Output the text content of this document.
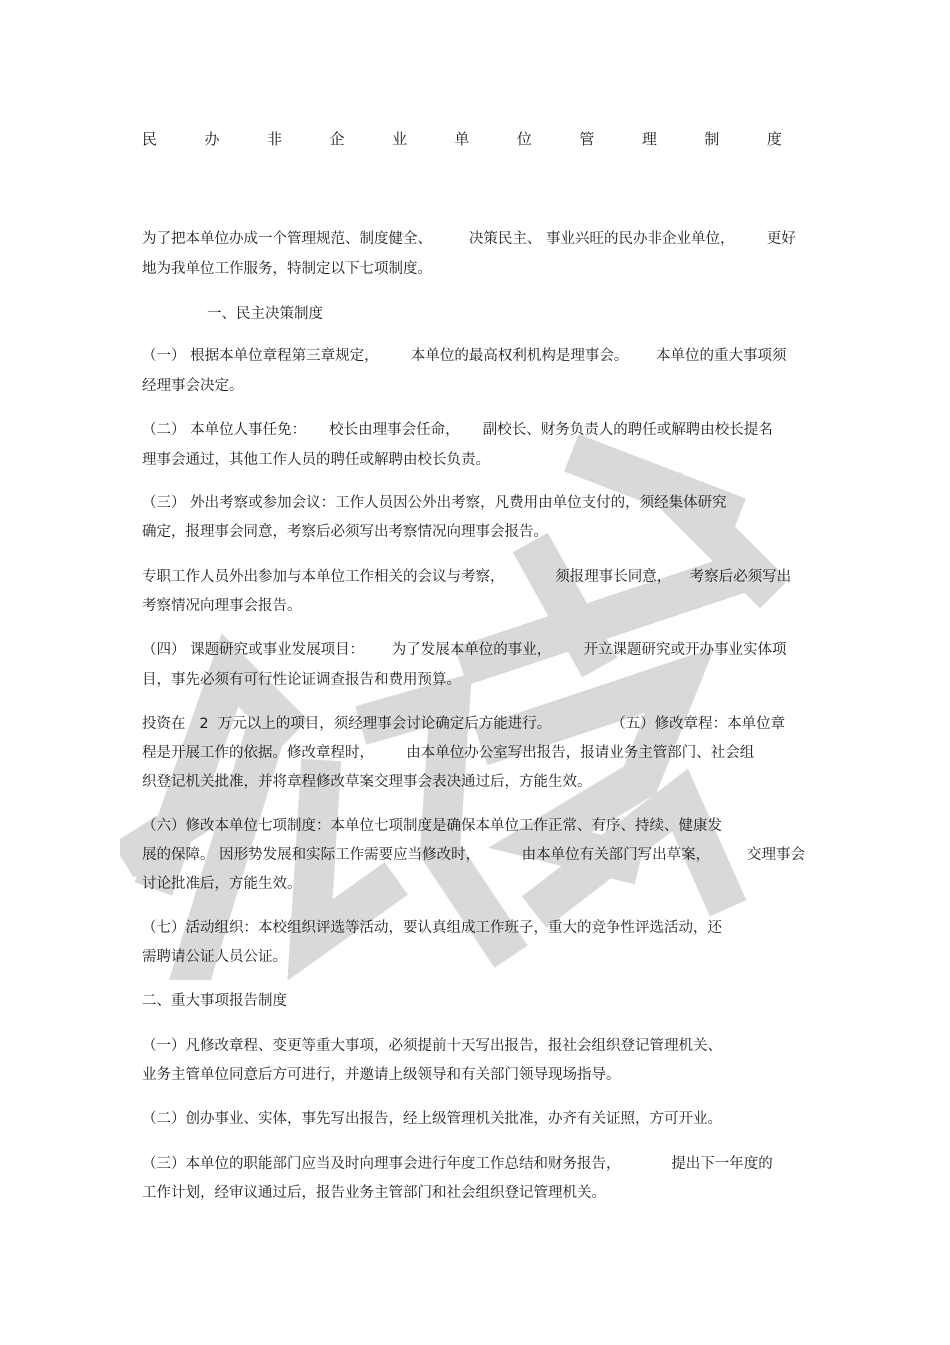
民	办	非	企	业	单	位	管	理	制	度
为了把本单位办成一个管理规范、制度健全、        决策民主、 事业兴旺的民办非企业单位，       更好
地为我单位工作服务，特制定以下七项制度。
一、民主决策制度
（一） 根据本单位章程第三章规定，       本单位的最高权利机构是理事会。      本单位的重大事项须
经理事会决定。
（二） 本单位人事任免：     校长由理事会任命，     副校长、财务负责人的聘任或解聘由校长提名
理事会通过，其他工作人员的聘任或解聘由校长负责。
（三） 外出考察或参加会议：工作人员因公外出考察，凡费用由单位支付的，须经集体研究
确定，报理事会同意，考察后必须写出考察情况向理事会报告。
专职工作人员外出参加与本单位工作相关的会议与考察，           须报理事长同意，    考察后必须写出
考察情况向理事会报告。
（四） 课题研究或事业发展项目：      为了发展本单位的事业，       开立课题研究或开办事业实体项
目，事先必须有可行性论证调查报告和费用预算。
投资在   2  万元以上的项目，须经理事会讨论确定后方能进行。             （五）修改章程：本单位章
程是开展工作的依据。修改章程时，       由本单位办公室写出报告，报请业务主管部门、社会组
织登记机关批准，并将章程修改草案交理事会表决通过后，方能生效。
（六）修改本单位七项制度：本单位七项制度是确保本单位工作正常、有序、持续、健康发
展的保障。 因形势发展和实际工作需要应当修改时，         由本单位有关部门写出草案，        交理事会
讨论批准后，方能生效。
（七）活动组织：本校组织评选等活动，要认真组成工作班子，重大的竞争性评选活动，还
需聘请公证人员公证。
二、重大事项报告制度
（一）凡修改章程、变更等重大事项，必须提前十天写出报告，报社会组织登记管理机关、
业务主管单位同意后方可进行，并邀请上级领导和有关部门领导现场指导。
（二）创办事业、实体，事先写出报告，经上级管理机关批准，办齐有关证照，方可开业。
（三）本单位的职能部门应当及时向理事会进行年度工作总结和财务报告，           提出下一年度的
工作计划，经审议通过后，报告业务主管部门和社会组织登记管理机关。
